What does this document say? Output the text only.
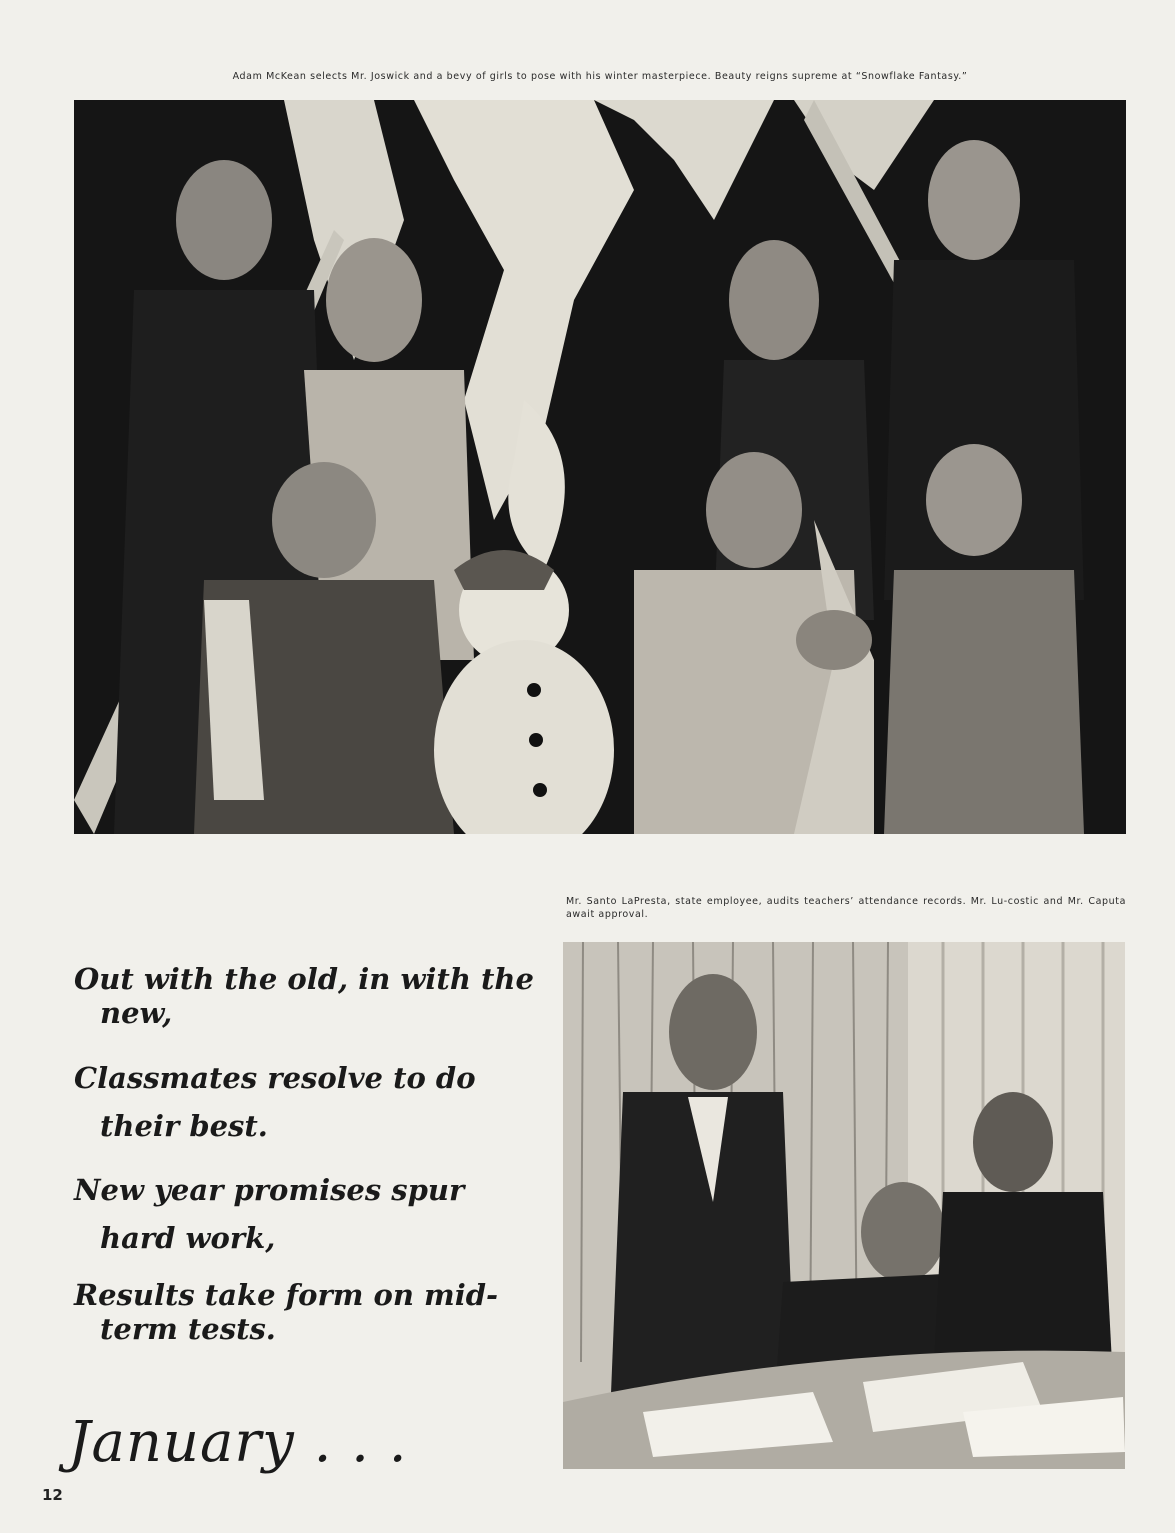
Adam McKean selects Mr. Joswick and a bevy of girls to pose with his winter masterpiece. Beauty reigns supreme at “Snowflake Fantasy.”
Mr. Santo LaPresta, state employee, audits teachers’ attendance records. Mr. Lu-costic and Mr. Caputa await approval.
Out with the old, in with the new,
Classmates resolve to do their best.
New year promises spur hard work,
Results take form on mid-term tests.
January . . .
12
